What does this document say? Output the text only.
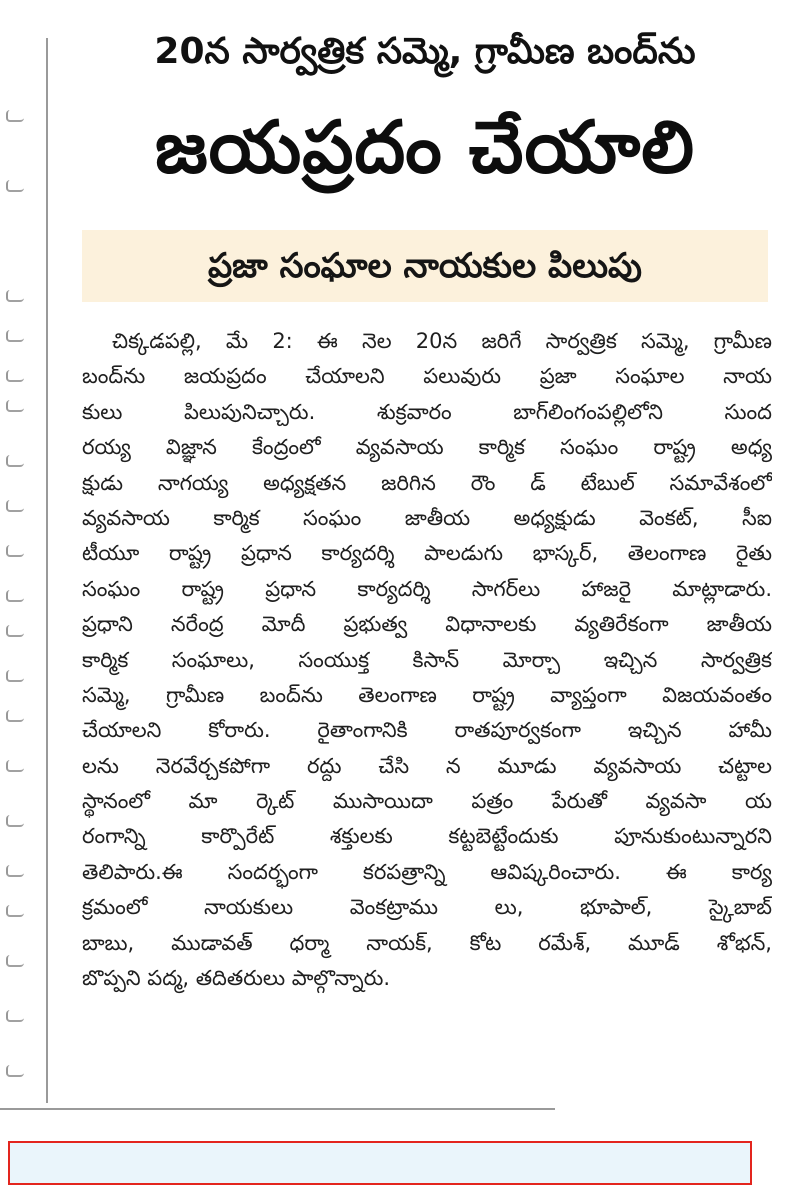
20న సార్వత్రిక సమ్మె, గ్రామీణ బంద్‌ను
జయప్రదం చేయాలి
ప్రజా సంఘాల నాయకుల పిలుపు
చిక్కడపల్లి, మే 2: ఈ నెల 20న జరిగే సార్వత్రిక సమ్మె, గ్రామీణ
బంద్‌ను జయప్రదం చేయాలని పలువురు ప్రజా సంఘాల నాయ
కులు పిలుపునిచ్చారు. శుక్రవారం బాగ్‌లింగంపల్లిలోని సుంద
రయ్య విజ్ఞాన కేంద్రంలో వ్యవసాయ కార్మిక సంఘం రాష్ట్ర అధ్య
క్షుడు నాగయ్య అధ్యక్షతన జరిగిన రౌం డ్ టేబుల్ సమావేశంలో
వ్యవసాయ కార్మిక సంఘం జాతీయ అధ్యక్షుడు వెంకట్, సీఐ
టీయూ రాష్ట్ర ప్రధాన కార్యదర్శి పాలడుగు భాస్కర్, తెలంగాణ రైతు
సంఘం రాష్ట్ర ప్రధాన కార్యదర్శి సాగర్‌లు హాజరై మాట్లాడారు.
ప్రధాని నరేంద్ర మోదీ ప్రభుత్వ విధానాలకు వ్యతిరేకంగా జాతీయ
కార్మిక సంఘాలు, సంయుక్త కిసాన్ మోర్చా ఇచ్చిన సార్వత్రిక
సమ్మె, గ్రామీణ బంద్‌ను తెలంగాణ రాష్ట్ర వ్యాప్తంగా విజయవంతం
చేయాలని కోరారు. రైతాంగానికి రాతపూర్వకంగా ఇచ్చిన హామీ
లను నెరవేర్చకపోగా రద్దు చేసి న మూడు వ్యవసాయ చట్టాల
స్థానంలో మా ర్కెట్ ముసాయిదా పత్రం పేరుతో వ్యవసా య
రంగాన్ని కార్పొరేట్ శక్తులకు కట్టబెట్టేందుకు పూనుకుంటున్నారని
తెలిపారు.ఈ సందర్భంగా కరపత్రాన్ని ఆవిష్కరించారు. ఈ కార్య
క్రమంలో నాయకులు వెంకట్రాము లు, భూపాల్, స్కైబాబ్
బాబు, ముడావత్ ధర్మా నాయక్, కోట రమేశ్, మూడ్ శోభన్,
బొప్పని పద్మ, తదితరులు పాల్గొన్నారు.
